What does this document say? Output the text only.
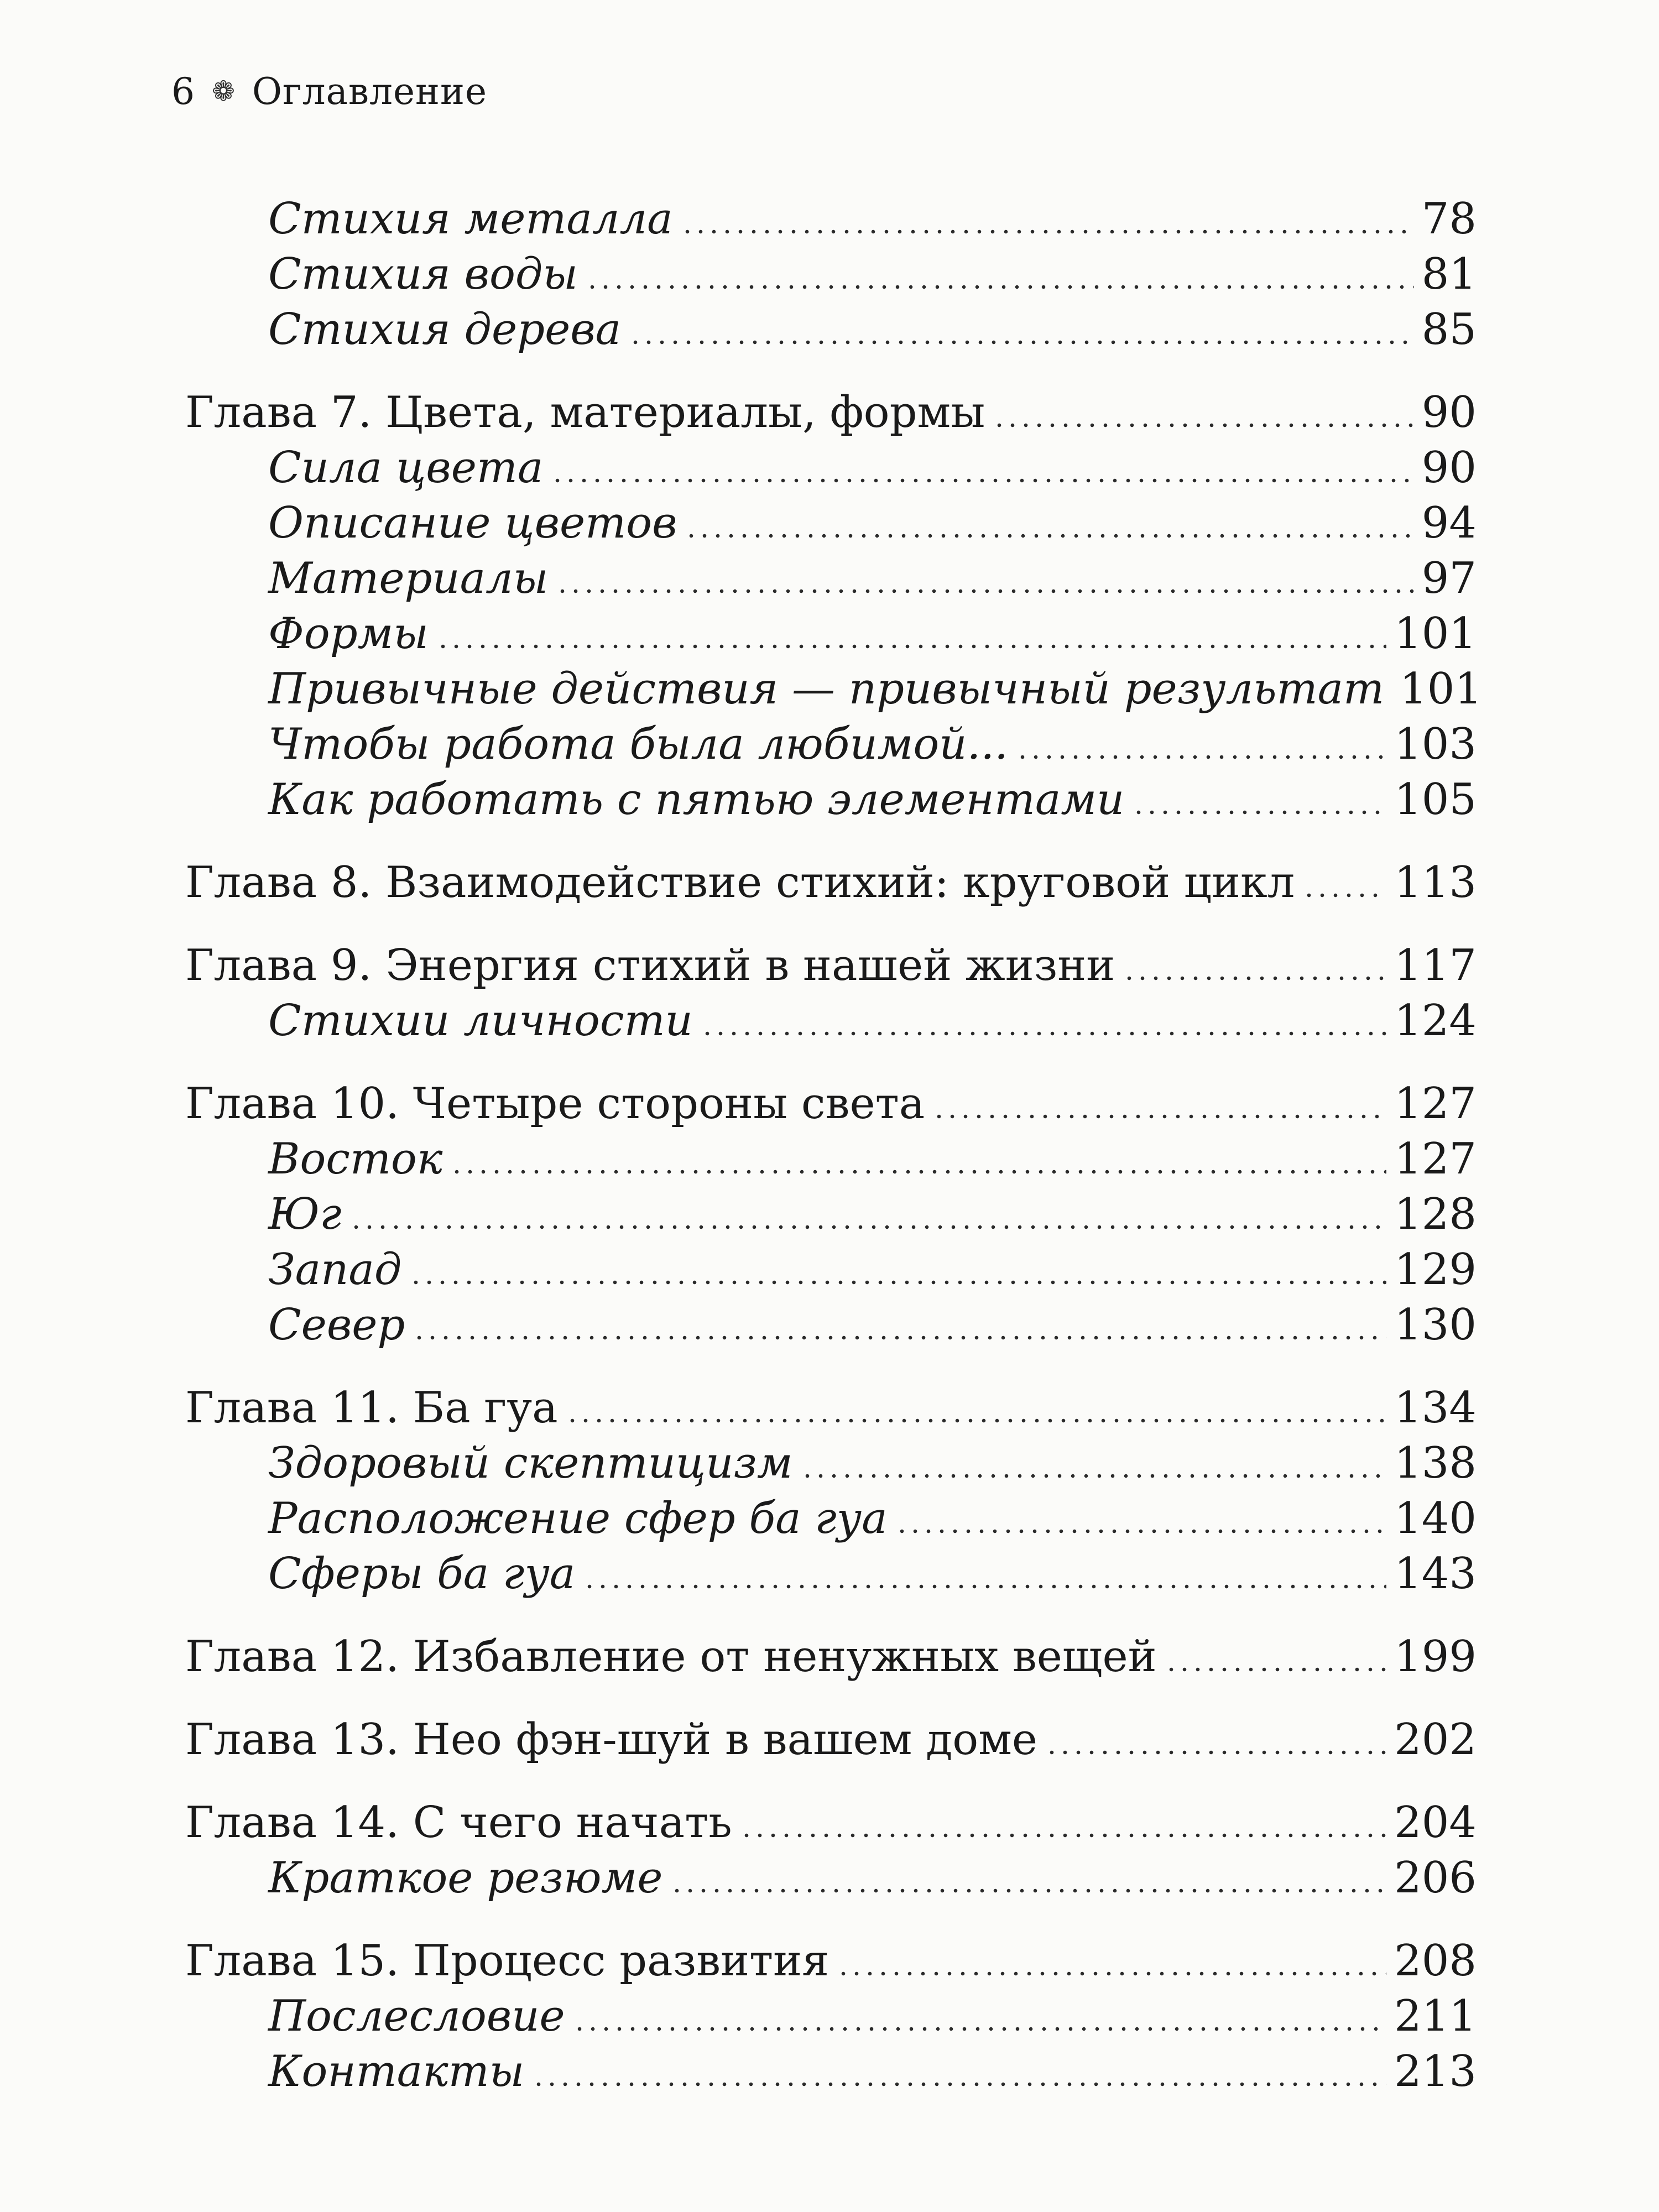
6 ❁ Оглавление
Стихия металла	78
Стихия воды	81
Стихия дерева	85
Глава 7. Цвета, материалы, формы	90
Сила цвета	90
Описание цветов	94
Материалы	97
Формы	101
Привычные действия — привычный результат 101
Чтобы работа была любимой...	103
Как работать с пятью элементами	105
Глава 8. Взаимодействие стихий: круговой цикл 113
Глава 9. Энергия стихий в нашей жизни	117
Стихии личности	124
Глава 10. Четыре стороны света	127
Восток	127
Юг	128
Запад	129
Север	130
Глава 11. Ба гуа	134
Здоровый скептицизм	138
Расположение сфер ба гуа	140
Сферы ба гуа	143
Глава 12. Избавление от ненужных вещей	199
Глава 13. Нео фэн-шуй в вашем доме	202
Глава 14. С чего начать	204
Краткое резюме	206
Глава 15. Процесс развития	208
Послесловие	211
Контакты	213
